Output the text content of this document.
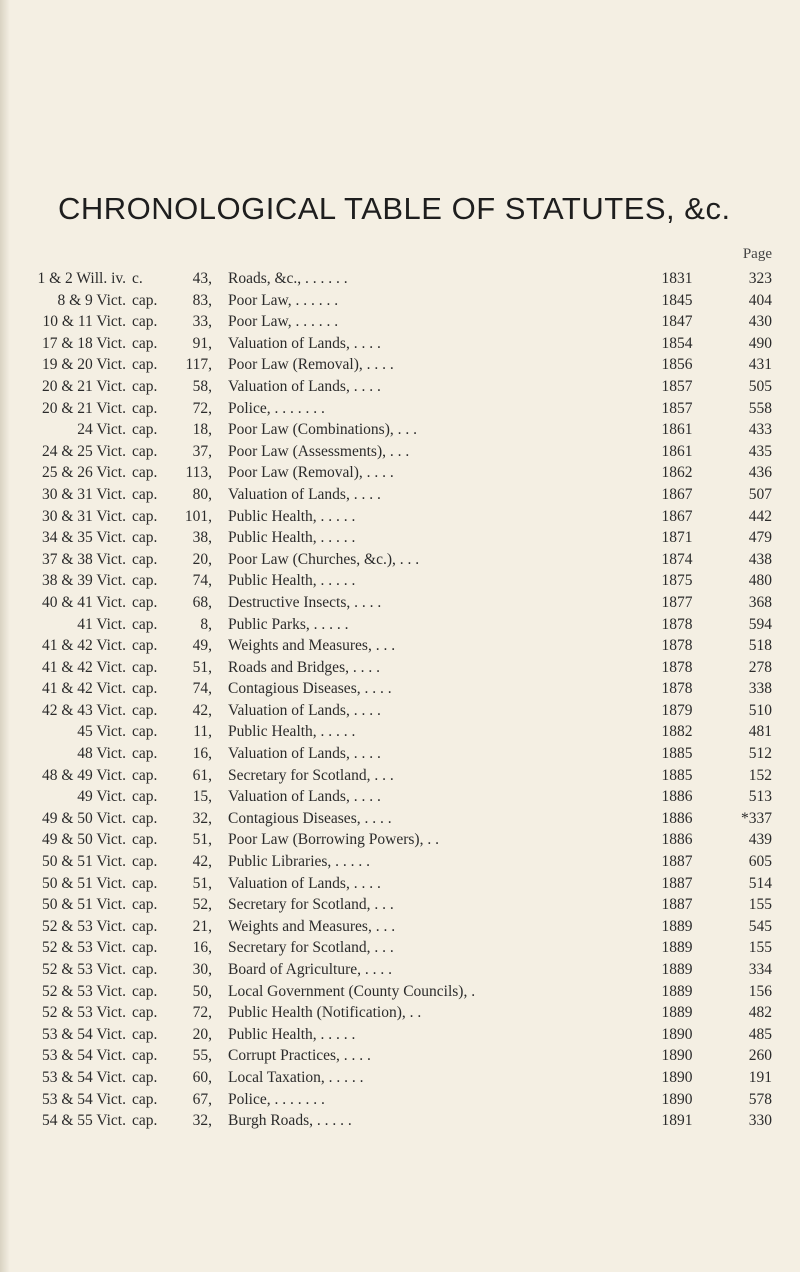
CHRONOLOGICAL TABLE OF STATUTES, &c.
Page
1 & 2 Will. iv. c.	43, Roads, &c., . . . . . .	1831	323
8 & 9 Vict. cap.	83, Poor Law, . . . . . .	1845	404
10 & 11 Vict. cap.	33, Poor Law, . . . . . .	1847	430
17 & 18 Vict. cap.	91, Valuation of Lands, . . . .	1854	490
19 & 20 Vict. cap.	117, Poor Law (Removal), . . . .	1856	431
20 & 21 Vict. cap.	58, Valuation of Lands, . . . .	1857	505
20 & 21 Vict. cap.	72, Police, . . . . . . .	1857	558
24 Vict. cap.	18, Poor Law (Combinations), . . .	1861	433
24 & 25 Vict. cap.	37, Poor Law (Assessments), . . .	1861	435
25 & 26 Vict. cap.	113, Poor Law (Removal), . . . .	1862	436
30 & 31 Vict. cap.	80, Valuation of Lands, . . . .	1867	507
30 & 31 Vict. cap.	101, Public Health, . . . . .	1867	442
34 & 35 Vict. cap.	38, Public Health, . . . . .	1871	479
37 & 38 Vict. cap.	20, Poor Law (Churches, &c.), . . .	1874	438
38 & 39 Vict. cap.	74, Public Health, . . . . .	1875	480
40 & 41 Vict. cap.	68, Destructive Insects, . . . .	1877	368
41 Vict. cap.	8, Public Parks, . . . . .	1878	594
41 & 42 Vict. cap.	49, Weights and Measures, . . .	1878	518
41 & 42 Vict. cap.	51, Roads and Bridges, . . . .	1878	278
41 & 42 Vict. cap.	74, Contagious Diseases, . . . .	1878	338
42 & 43 Vict. cap.	42, Valuation of Lands, . . . .	1879	510
45 Vict. cap.	11, Public Health, . . . . .	1882	481
48 Vict. cap.	16, Valuation of Lands, . . . .	1885	512
48 & 49 Vict. cap.	61, Secretary for Scotland, . . .	1885	152
49 Vict. cap.	15, Valuation of Lands, . . . .	1886	513
49 & 50 Vict. cap.	32, Contagious Diseases, . . . .	1886	*337
49 & 50 Vict. cap.	51, Poor Law (Borrowing Powers), . .	1886	439
50 & 51 Vict. cap.	42, Public Libraries, . . . . .	1887	605
50 & 51 Vict. cap.	51, Valuation of Lands, . . . .	1887	514
50 & 51 Vict. cap.	52, Secretary for Scotland, . . .	1887	155
52 & 53 Vict. cap.	21, Weights and Measures, . . .	1889	545
52 & 53 Vict. cap.	16, Secretary for Scotland, . . .	1889	155
52 & 53 Vict. cap.	30, Board of Agriculture, . . . .	1889	334
52 & 53 Vict. cap.	50, Local Government (County Councils), .	1889	156
52 & 53 Vict. cap.	72, Public Health (Notification), . .	1889	482
53 & 54 Vict. cap.	20, Public Health, . . . . .	1890	485
53 & 54 Vict. cap.	55, Corrupt Practices, . . . .	1890	260
53 & 54 Vict. cap.	60, Local Taxation, . . . . .	1890	191
53 & 54 Vict. cap.	67, Police, . . . . . . .	1890	578
54 & 55 Vict. cap.	32, Burgh Roads, . . . . .	1891	330
